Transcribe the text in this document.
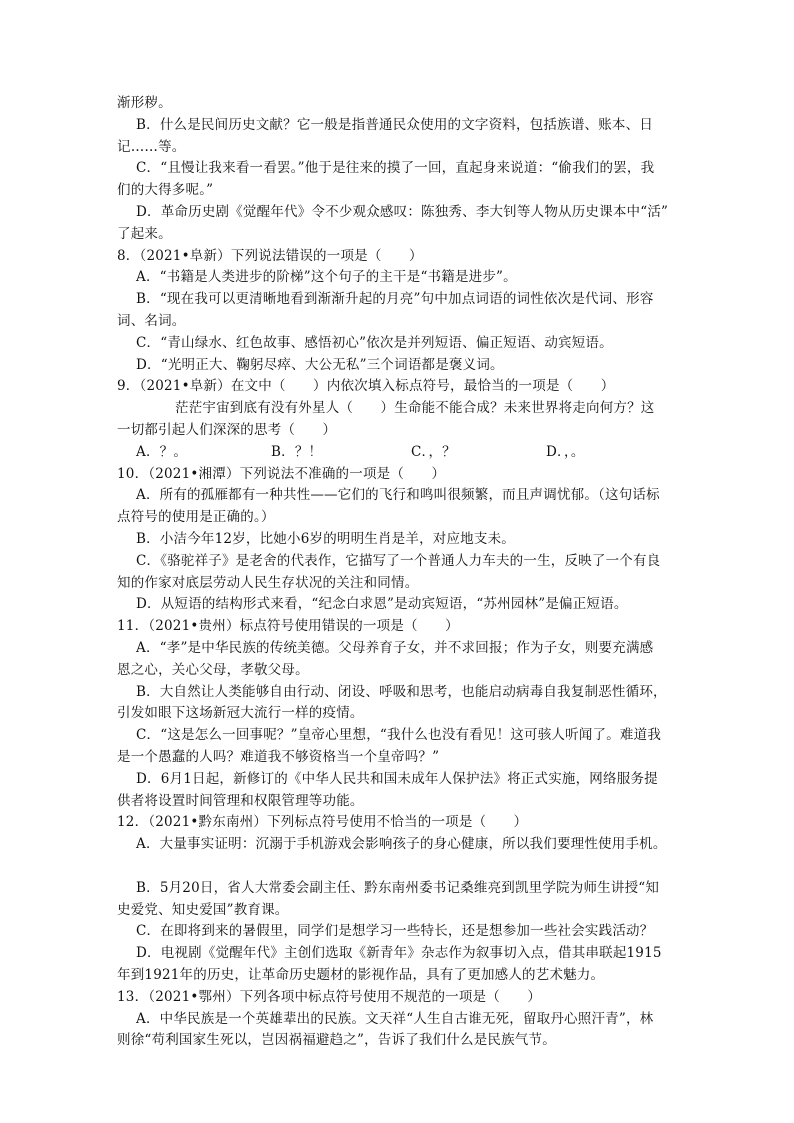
渐形秽。
B．什么是民间历史文献？它一般是指普通民众使用的文字资料，包括族谱、账本、日
记……等。
C．“且慢让我来看一看罢。”他于是往来的摸了一回，直起身来说道：“偷我们的罢，我
们的大得多呢。”
D．革命历史剧《觉醒年代》令不少观众感叹：陈独秀、李大钊等人物从历史课本中“活”
了起来。
8．（2021•阜新）下列说法错误的一项是（　　）
A．“书籍是人类进步的阶梯”这个句子的主干是“书籍是进步”。
B．“现在我可以更清晰地看到渐渐升起的月亮”句中加点词语的词性依次是代词、形容
词、名词。
C．“青山绿水、红色故事、感悟初心”依次是并列短语、偏正短语、动宾短语。
D．“光明正大、鞠躬尽瘁、大公无私”三个词语都是褒义词。
9．（2021•阜新）在文中（　　）内依次填入标点符号，最恰当的一项是（　　）
茫茫宇宙到底有没有外星人（　　）生命能不能合成？未来世界将走向何方？这
一切都引起人们深深的思考（　　）
A．？。	B．？！	C．，？	D．，。
10．（2021•湘潭）下列说法不准确的一项是（　　）
A．所有的孤雁都有一种共性——它们的飞行和鸣叫很频繁，而且声调忧郁。（这句话标
点符号的使用是正确的。）
B．小洁今年12岁，比她小6岁的明明生肖是羊，对应地支未。
C．《骆驼祥子》是老舍的代表作，它描写了一个普通人力车夫的一生，反映了一个有良
知的作家对底层劳动人民生存状况的关注和同情。
D．从短语的结构形式来看，“纪念白求恩”是动宾短语，“苏州园林”是偏正短语。
11．（2021•贵州）标点符号使用错误的一项是（　　）
A．“孝”是中华民族的传统美德。父母养育子女，并不求回报；作为子女，则要充满感
恩之心，关心父母，孝敬父母。
B．大自然让人类能够自由行动、闭设、呼吸和思考，也能启动病毒自我复制恶性循环，
引发如眼下这场新冠大流行一样的疫情。
C．“这是怎么一回事呢？”皇帝心里想，“我什么也没有看见！这可骇人听闻了。难道我
是一个愚蠢的人吗？难道我不够资格当一个皇帝吗？”
D．6月1日起，新修订的《中华人民共和国未成年人保护法》将正式实施，网络服务提
供者将设置时间管理和权限管理等功能。
12．（2021•黔东南州）下列标点符号使用不恰当的一项是（　　）
A．大量事实证明：沉溺于手机游戏会影响孩子的身心健康，所以我们要理性使用手机。
B．5月20日，省人大常委会副主任、黔东南州委书记桑维亮到凯里学院为师生讲授“知
史爱党、知史爱国”教育课。
C．在即将到来的暑假里，同学们是想学习一些特长，还是想参加一些社会实践活动？
D．电视剧《觉醒年代》主创们选取《新青年》杂志作为叙事切入点，借其串联起1915
年到1921年的历史，让革命历史题材的影视作品，具有了更加感人的艺术魅力。
13．（2021•鄂州）下列各项中标点符号使用不规范的一项是（　　）
A．中华民族是一个英雄辈出的民族。文天祥“人生自古谁无死，留取丹心照汗青”，林
则徐“苟利国家生死以，岂因祸福避趋之”，告诉了我们什么是民族气节。
